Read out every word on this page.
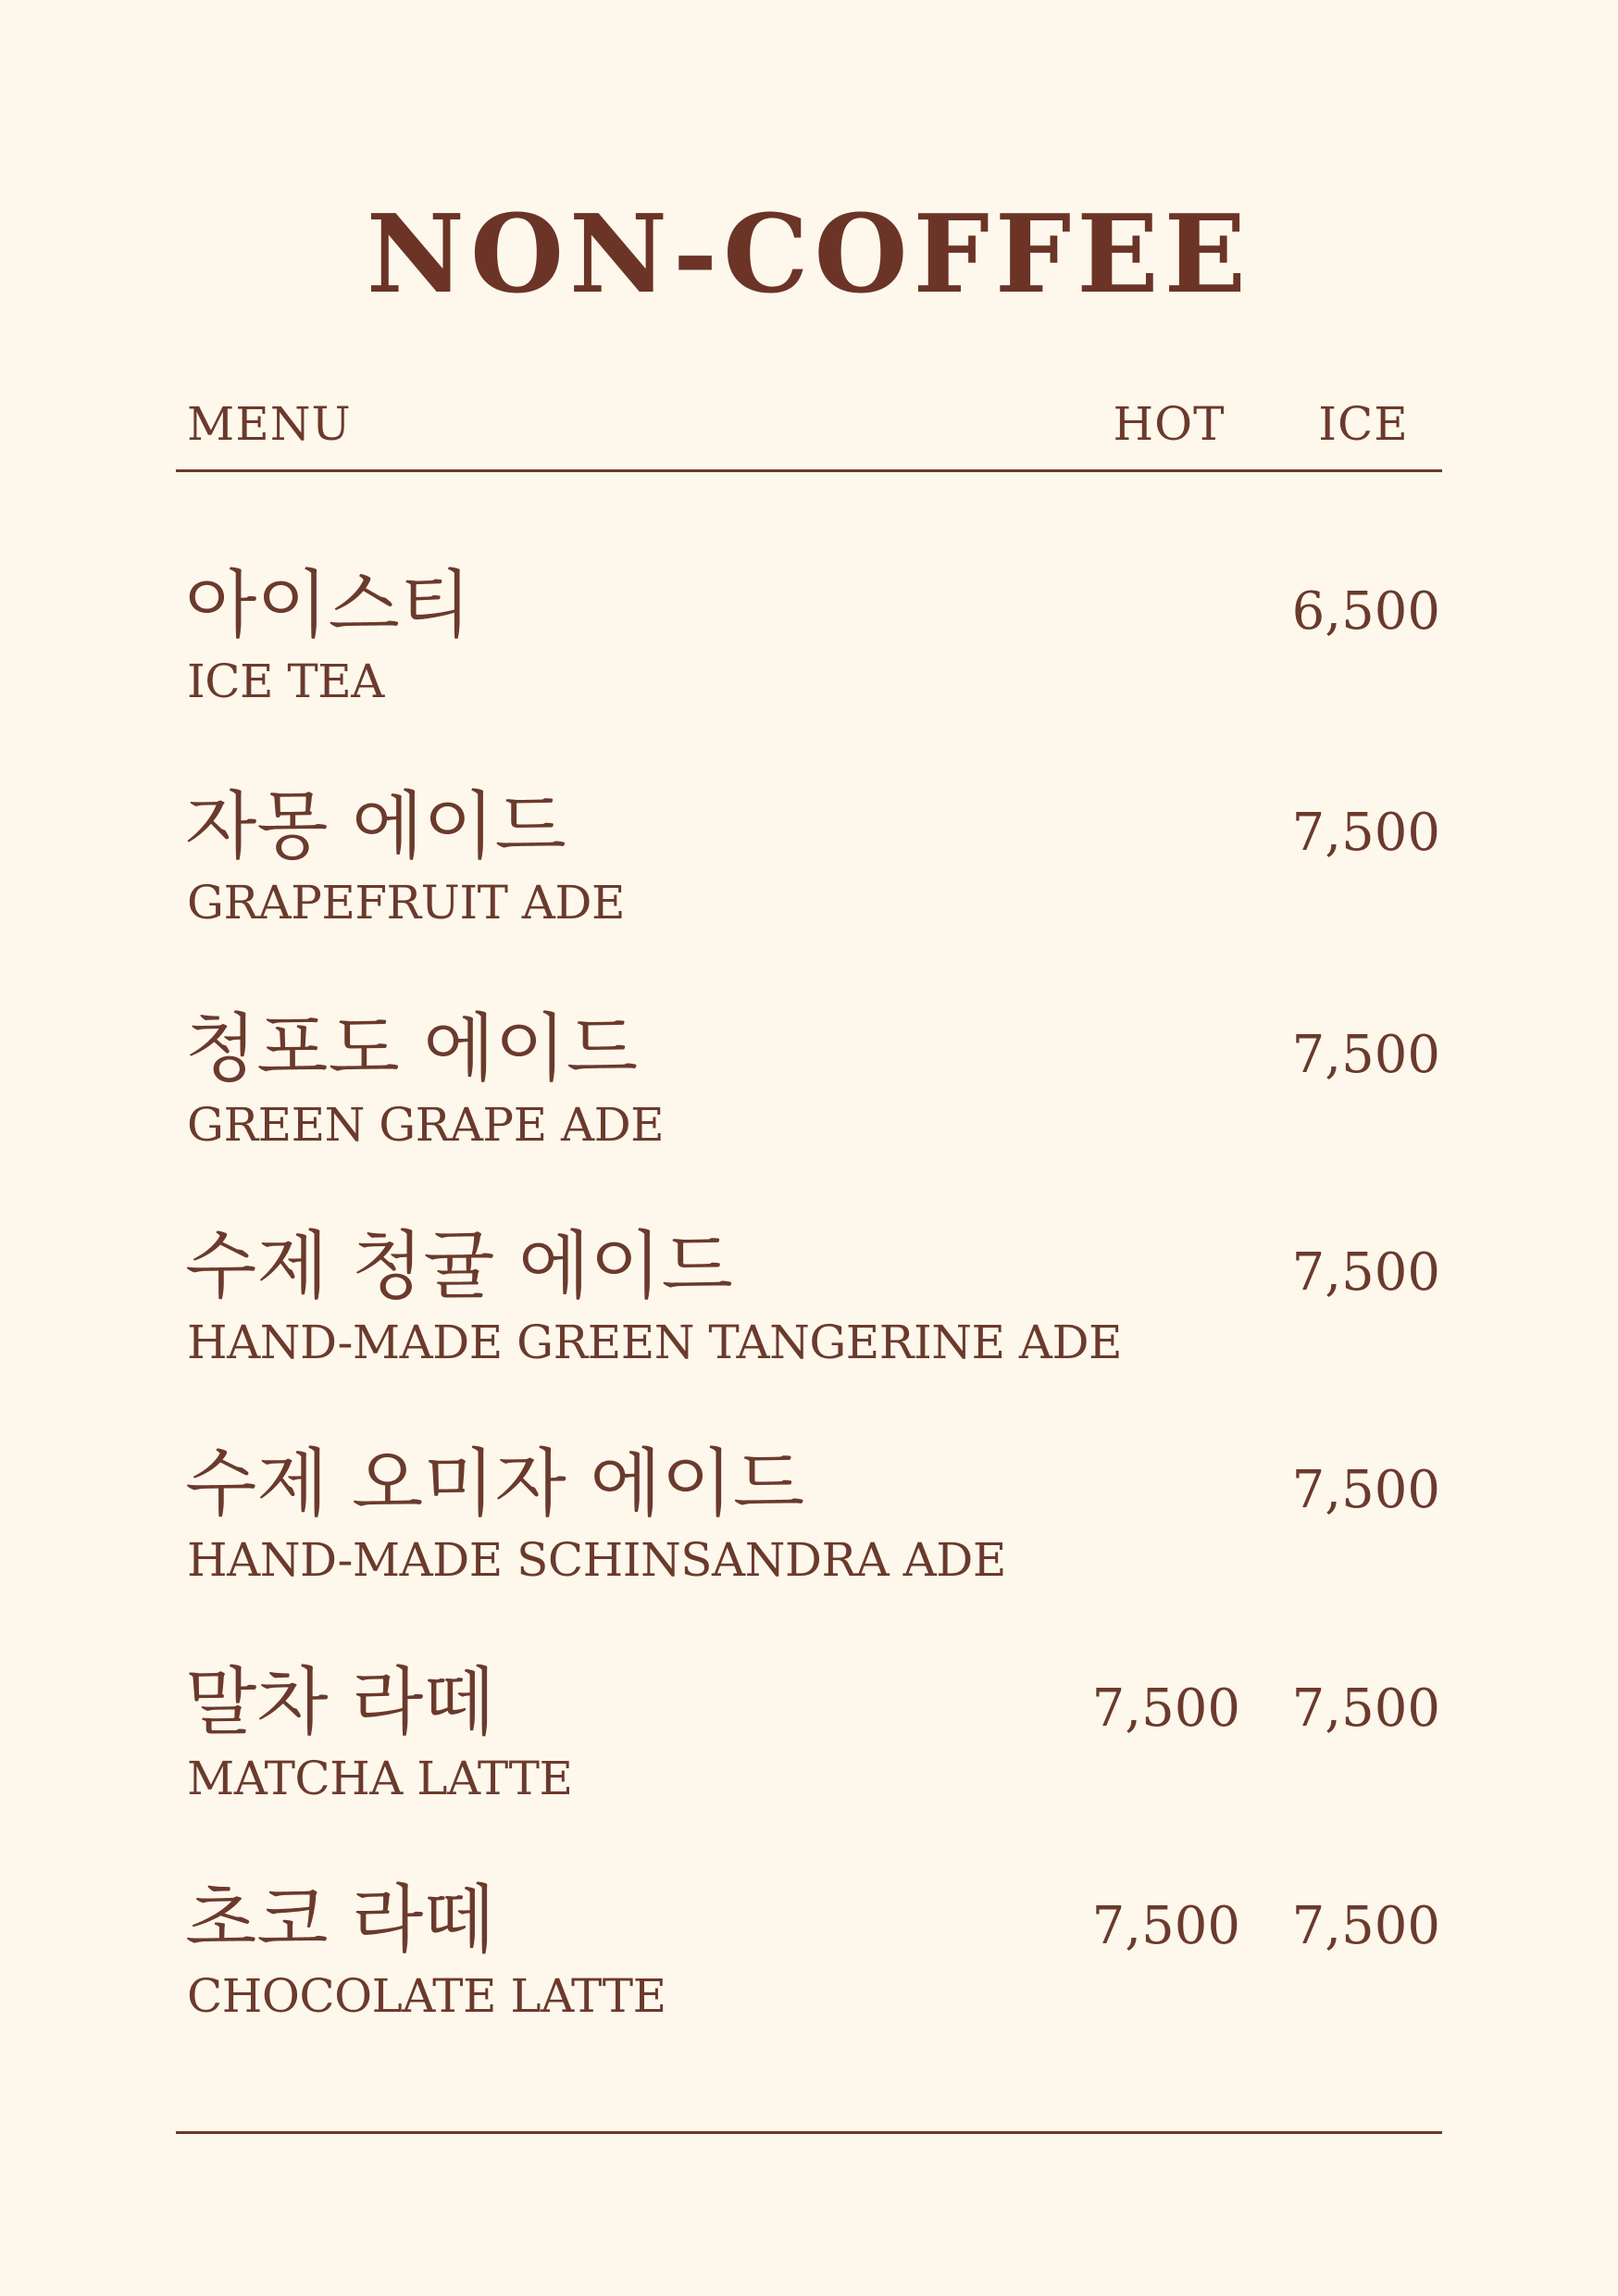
NON-COFFEE
MENU	HOT	ICE
아이스티
ICE TEA
6,500
자몽 에이드
GRAPEFRUIT ADE
7,500
청포도 에이드
GREEN GRAPE ADE
7,500
수제 청귤 에이드
HAND-MADE GREEN TANGERINE ADE
7,500
수제 오미자 에이드
HAND-MADE SCHINSANDRA ADE
7,500
말차 라떼
MATCHA LATTE
7,500 7,500
초코 라떼
CHOCOLATE LATTE
7,500 7,500
